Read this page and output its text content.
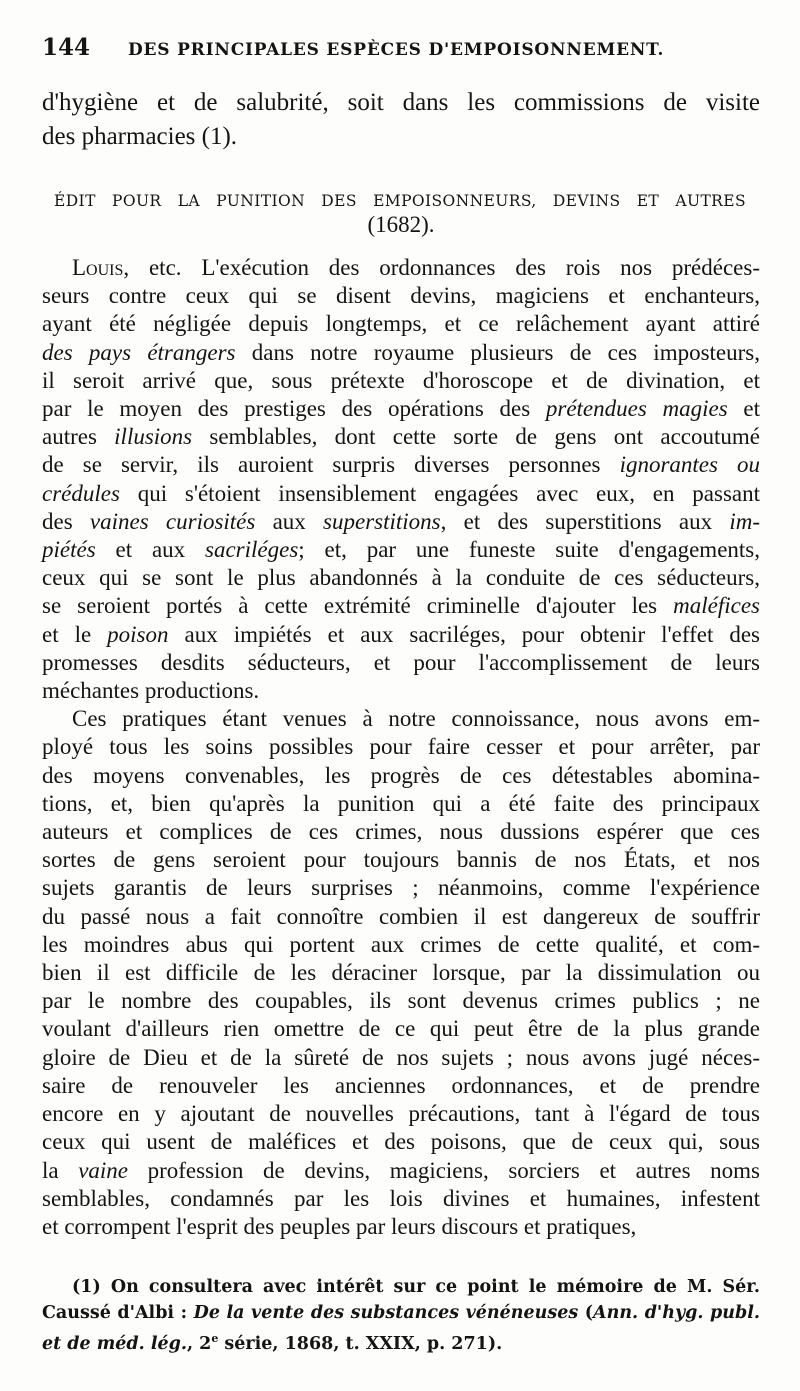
144	DES PRINCIPALES ESPÈCES D'EMPOISONNEMENT.
d'hygiène et de salubrité, soit dans les commissions de visite
des pharmacies (1).
ÉDIT POUR LA PUNITION DES EMPOISONNEURS, DEVINS ET AUTRES
(1682).
Louis, etc. L'exécution des ordonnances des rois nos prédéces-
seurs contre ceux qui se disent devins, magiciens et enchanteurs,
ayant été négligée depuis longtemps, et ce relâchement ayant attiré
des pays étrangers dans notre royaume plusieurs de ces imposteurs,
il seroit arrivé que, sous prétexte d'horoscope et de divination, et
par le moyen des prestiges des opérations des prétendues magies et
autres illusions semblables, dont cette sorte de gens ont accoutumé
de se servir, ils auroient surpris diverses personnes ignorantes ou
crédules qui s'étoient insensiblement engagées avec eux, en passant
des vaines curiosités aux superstitions, et des superstitions aux im-
piétés et aux sacriléges; et, par une funeste suite d'engagements,
ceux qui se sont le plus abandonnés à la conduite de ces séducteurs,
se seroient portés à cette extrémité criminelle d'ajouter les maléfices
et le poison aux impiétés et aux sacriléges, pour obtenir l'effet des
promesses desdits séducteurs, et pour l'accomplissement de leurs
méchantes productions.
Ces pratiques étant venues à notre connoissance, nous avons em-
ployé tous les soins possibles pour faire cesser et pour arrêter, par
des moyens convenables, les progrès de ces détestables abomina-
tions, et, bien qu'après la punition qui a été faite des principaux
auteurs et complices de ces crimes, nous dussions espérer que ces
sortes de gens seroient pour toujours bannis de nos États, et nos
sujets garantis de leurs surprises ; néanmoins, comme l'expérience
du passé nous a fait connoître combien il est dangereux de souffrir
les moindres abus qui portent aux crimes de cette qualité, et com-
bien il est difficile de les déraciner lorsque, par la dissimulation ou
par le nombre des coupables, ils sont devenus crimes publics ; ne
voulant d'ailleurs rien omettre de ce qui peut être de la plus grande
gloire de Dieu et de la sûreté de nos sujets ; nous avons jugé néces-
saire de renouveler les anciennes ordonnances, et de prendre
encore en y ajoutant de nouvelles précautions, tant à l'égard de tous
ceux qui usent de maléfices et des poisons, que de ceux qui, sous
la vaine profession de devins, magiciens, sorciers et autres noms
semblables, condamnés par les lois divines et humaines, infestent
et corrompent l'esprit des peuples par leurs discours et pratiques,
(1) On consultera avec intérêt sur ce point le mémoire de M. Sér.
Caussé d'Albi : De la vente des substances vénéneuses (Ann. d'hyg. publ.
et de méd. lég., 2e série, 1868, t. XXIX, p. 271).
